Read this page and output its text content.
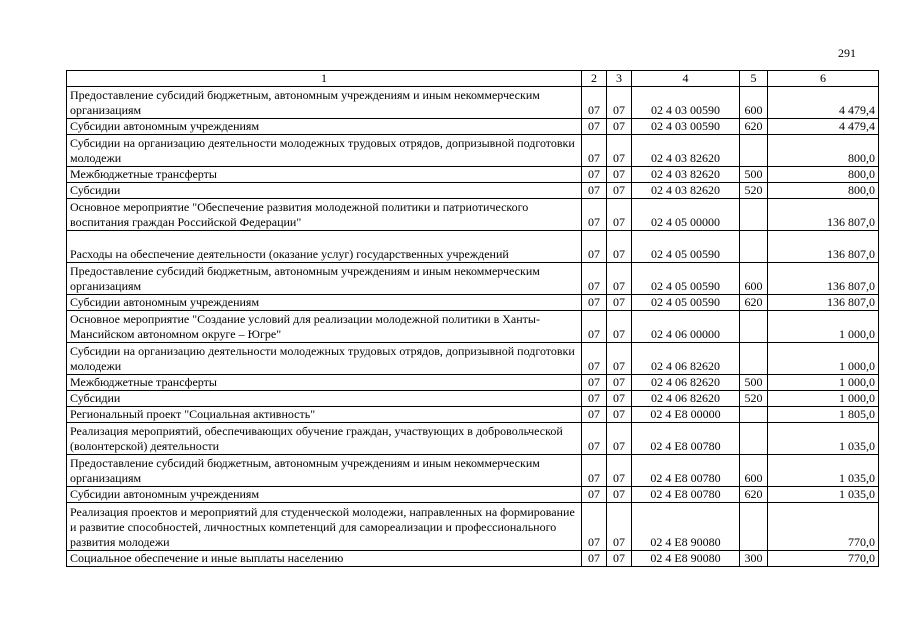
291
1	2	3	4	5	6
Предоставление субсидий бюджетным, автономным учреждениям и иным некоммерческим организациям	07	07	02 4 03 00590	600	4 479,4
Субсидии автономным учреждениям	07	07	02 4 03 00590	620	4 479,4
Субсидии на организацию деятельности молодежных трудовых отрядов, допризывной подготовки молодежи	07	07	02 4 03 82620		800,0
Межбюджетные трансферты	07	07	02 4 03 82620	500	800,0
Субсидии	07	07	02 4 03 82620	520	800,0
Основное мероприятие "Обеспечение развития молодежной политики и патриотического воспитания граждан Российской Федерации"	07	07	02 4 05 00000		136 807,0
Расходы на обеспечение деятельности (оказание услуг) государственных учреждений	07	07	02 4 05 00590		136 807,0
Предоставление субсидий бюджетным, автономным учреждениям и иным некоммерческим организациям	07	07	02 4 05 00590	600	136 807,0
Субсидии автономным учреждениям	07	07	02 4 05 00590	620	136 807,0
Основное мероприятие "Создание условий для реализации молодежной политики в Ханты-Мансийском автономном округе – Югре"	07	07	02 4 06 00000		1 000,0
Субсидии на организацию деятельности молодежных трудовых отрядов, допризывной подготовки молодежи	07	07	02 4 06 82620		1 000,0
Межбюджетные трансферты	07	07	02 4 06 82620	500	1 000,0
Субсидии	07	07	02 4 06 82620	520	1 000,0
Региональный проект "Социальная активность"	07	07	02 4 E8 00000		1 805,0
Реализация мероприятий, обеспечивающих обучение граждан, участвующих в добровольческой (волонтерской) деятельности	07	07	02 4 E8 00780		1 035,0
Предоставление субсидий бюджетным, автономным учреждениям и иным некоммерческим организациям	07	07	02 4 E8 00780	600	1 035,0
Субсидии автономным учреждениям	07	07	02 4 E8 00780	620	1 035,0
Реализация проектов и мероприятий для студенческой молодежи, направленных на формирование и развитие способностей, личностных компетенций для самореализации и профессионального развития молодежи	07	07	02 4 E8 90080		770,0
Социальное обеспечение и иные выплаты населению	07	07	02 4 E8 90080	300	770,0
